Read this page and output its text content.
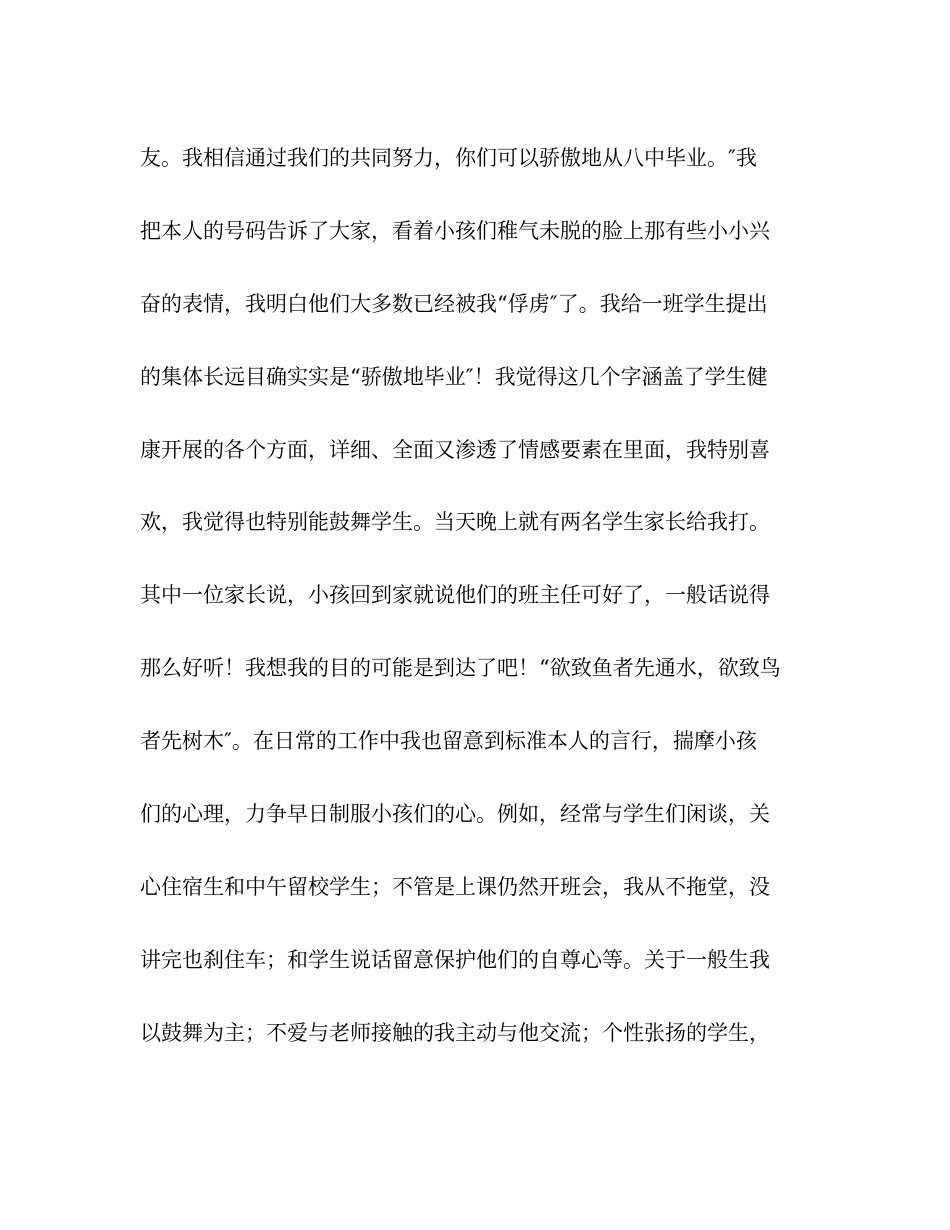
友。我相信通过我们的共同努力，你们可以骄傲地从八中毕业。″我
把本人的号码告诉了大家，看着小孩们稚气未脱的脸上那有些小小兴
奋的表情，我明白他们大多数已经被我“俘虏″了。我给一班学生提出
的集体长远目确实实是“骄傲地毕业″！我觉得这几个字涵盖了学生健
康开展的各个方面，详细、全面又渗透了情感要素在里面，我特别喜
欢，我觉得也特别能鼓舞学生。当天晚上就有两名学生家长给我打。
其中一位家长说，小孩回到家就说他们的班主任可好了，一般话说得
那么好听！我想我的目的可能是到达了吧！“欲致鱼者先通水，欲致鸟
者先树木″。在日常的工作中我也留意到标准本人的言行，揣摩小孩
们的心理，力争早日制服小孩们的心。例如，经常与学生们闲谈，关
心住宿生和中午留校学生；不管是上课仍然开班会，我从不拖堂，没
讲完也刹住车；和学生说话留意保护他们的自尊心等。关于一般生我
以鼓舞为主；不爱与老师接触的我主动与他交流；个性张扬的学生，
